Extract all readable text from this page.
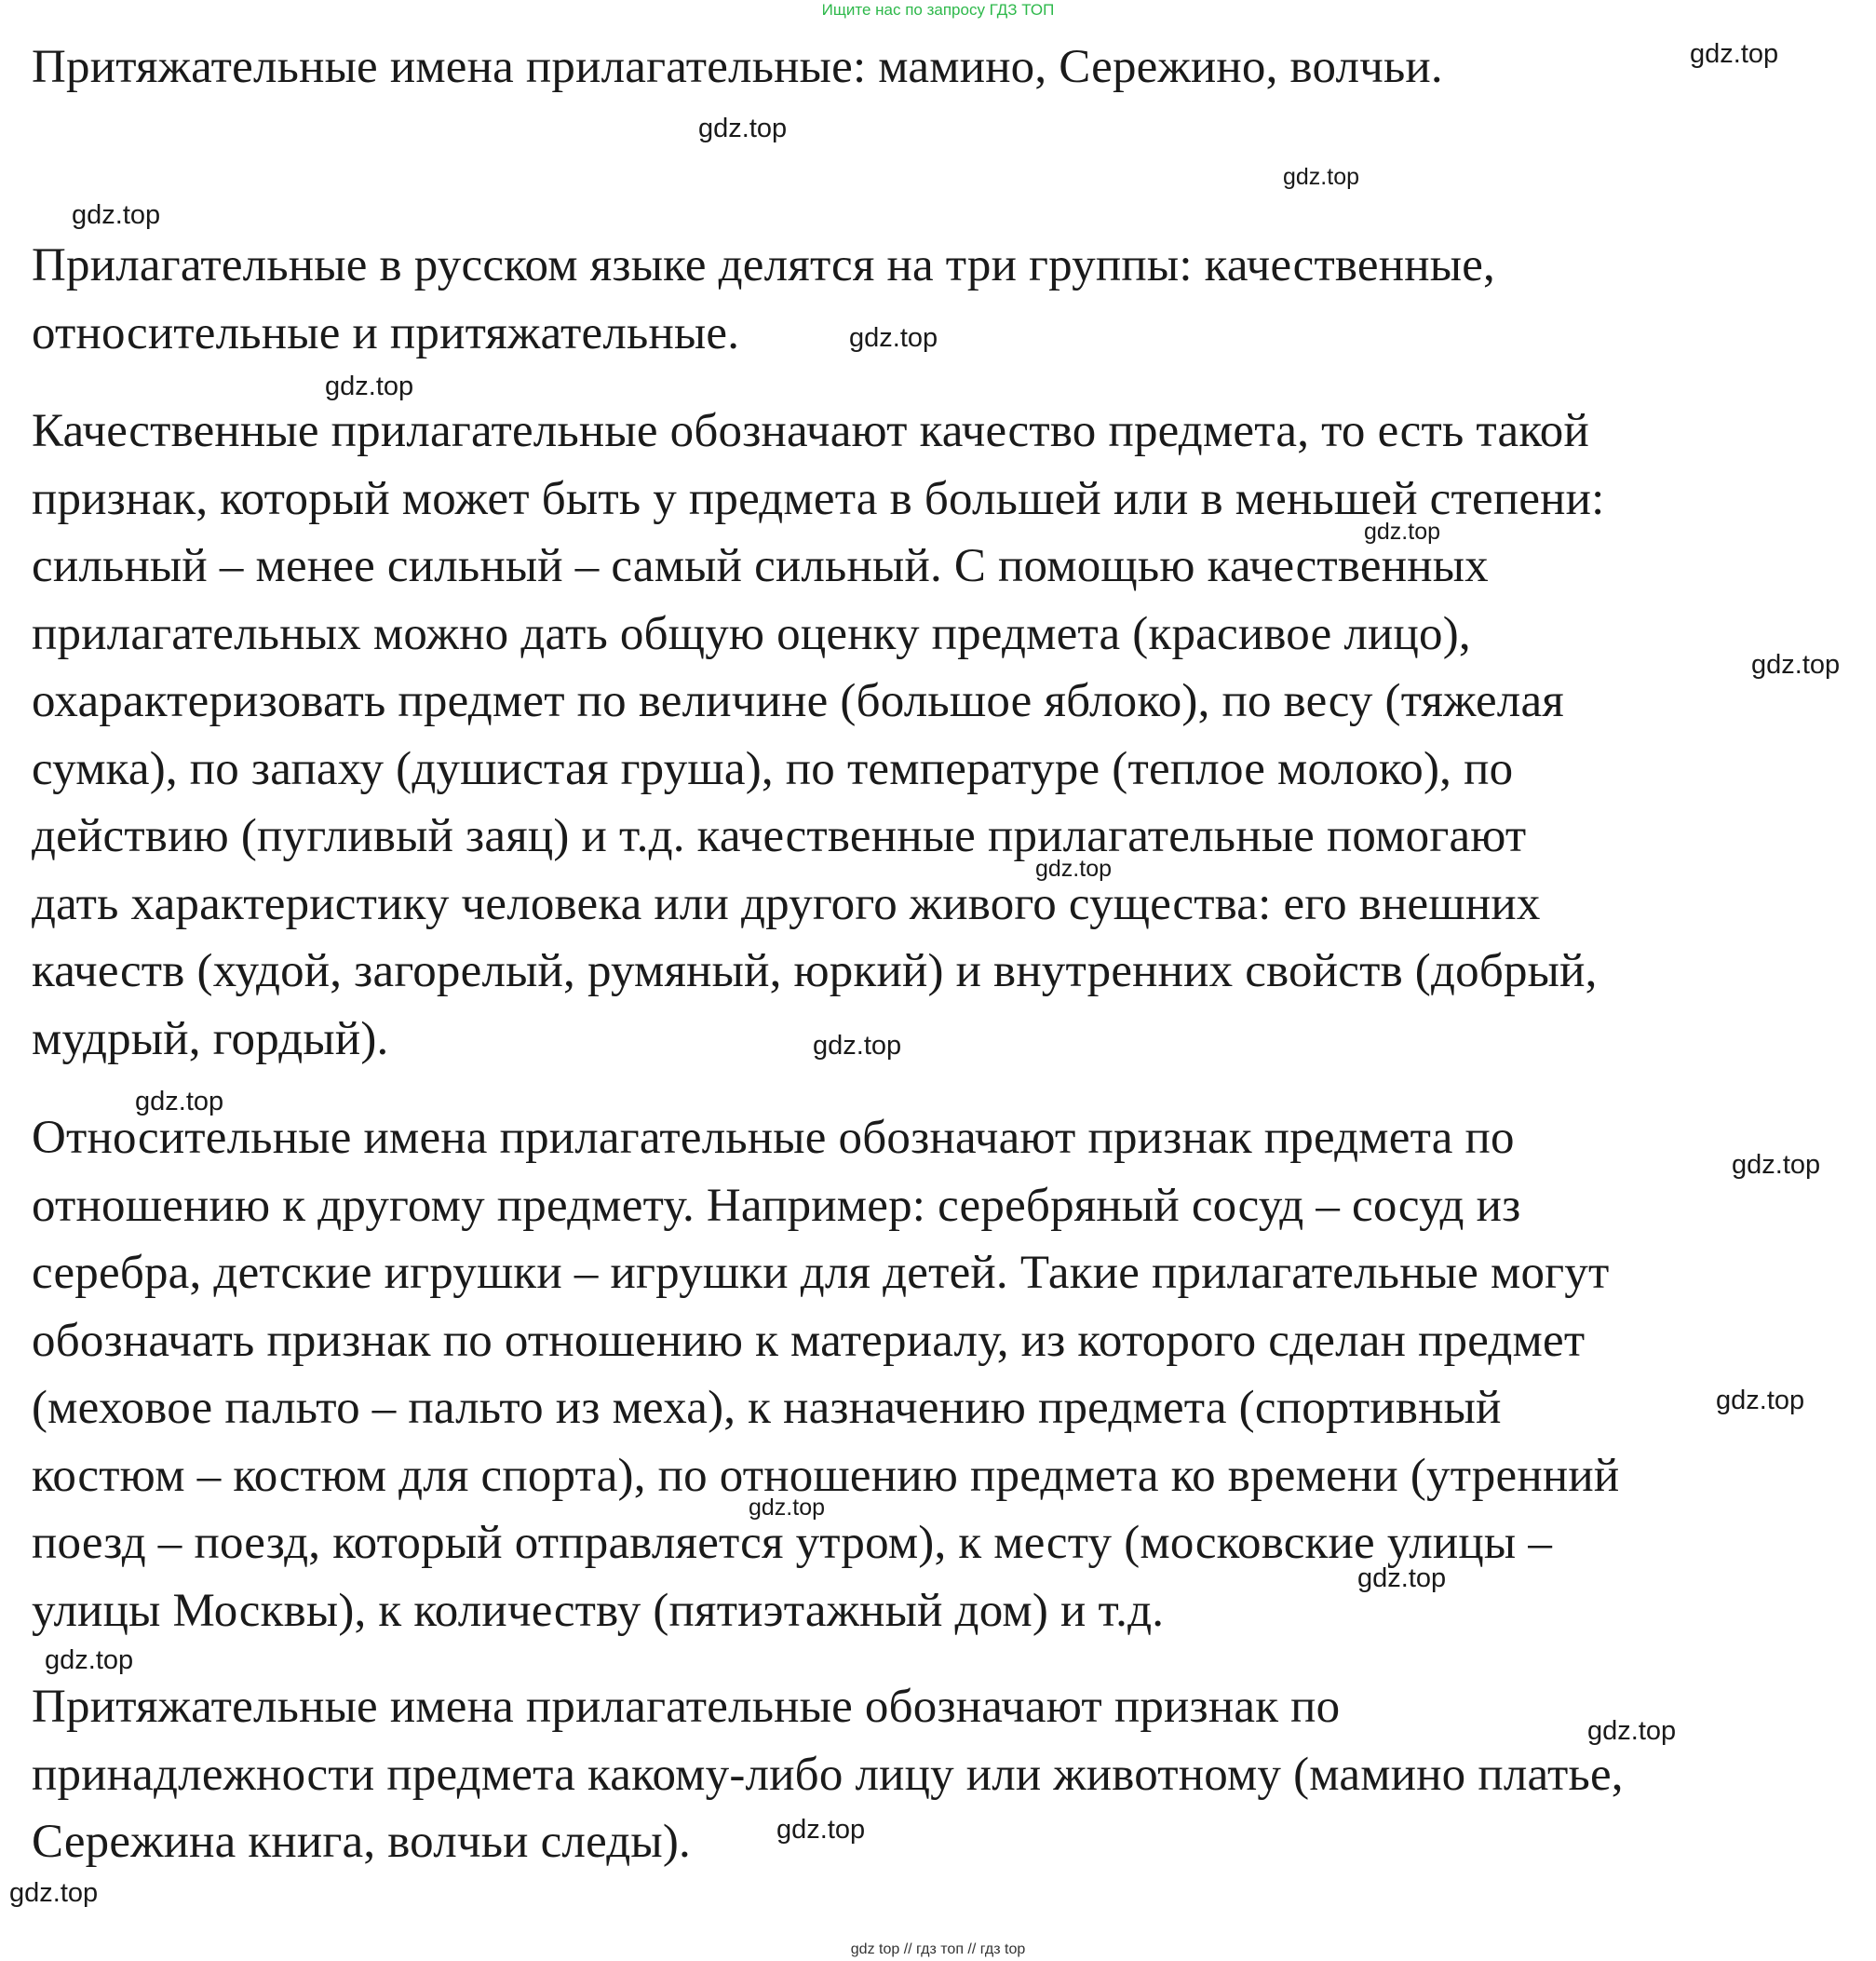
Ищите нас по запросу ГДЗ ТОП
Притяжательные имена прилагательные: мамино, Сережино, волчьи.
Прилагательные в русском языке делятся на три группы: качественные,
относительные и притяжательные.
Качественные прилагательные обозначают качество предмета, то есть такой
признак, который может быть у предмета в большей или в меньшей степени:
сильный – менее сильный – самый сильный. С помощью качественных
прилагательных можно дать общую оценку предмета (красивое лицо),
охарактеризовать предмет по величине (большое яблоко), по весу (тяжелая
сумка), по запаху (душистая груша), по температуре (теплое молоко), по
действию (пугливый заяц) и т.д. качественные прилагательные помогают
дать характеристику человека или другого живого существа: его внешних
качеств (худой, загорелый, румяный, юркий) и внутренних свойств (добрый,
мудрый, гордый).
Относительные имена прилагательные обозначают признак предмета по
отношению к другому предмету. Например: серебряный сосуд – сосуд из
серебра, детские игрушки – игрушки для детей. Такие прилагательные могут
обозначать признак по отношению к материалу, из которого сделан предмет
(меховое пальто – пальто из меха), к назначению предмета (спортивный
костюм – костюм для спорта), по отношению предмета ко времени (утренний
поезд – поезд, который отправляется утром), к месту (московские улицы –
улицы Москвы), к количеству (пятиэтажный дом) и т.д.
Притяжательные имена прилагательные обозначают признак по
принадлежности предмета какому-либо лицу или животному (мамино платье,
Сережина книга, волчьи следы).
gdz.top
gdz.top
gdz.top
gdz.top
gdz.top
gdz.top
gdz.top
gdz.top
gdz.top
gdz.top
gdz.top
gdz.top
gdz.top
gdz.top
gdz.top
gdz.top
gdz.top
gdz.top
gdz.top
gdz top // гдз топ // гдз top
